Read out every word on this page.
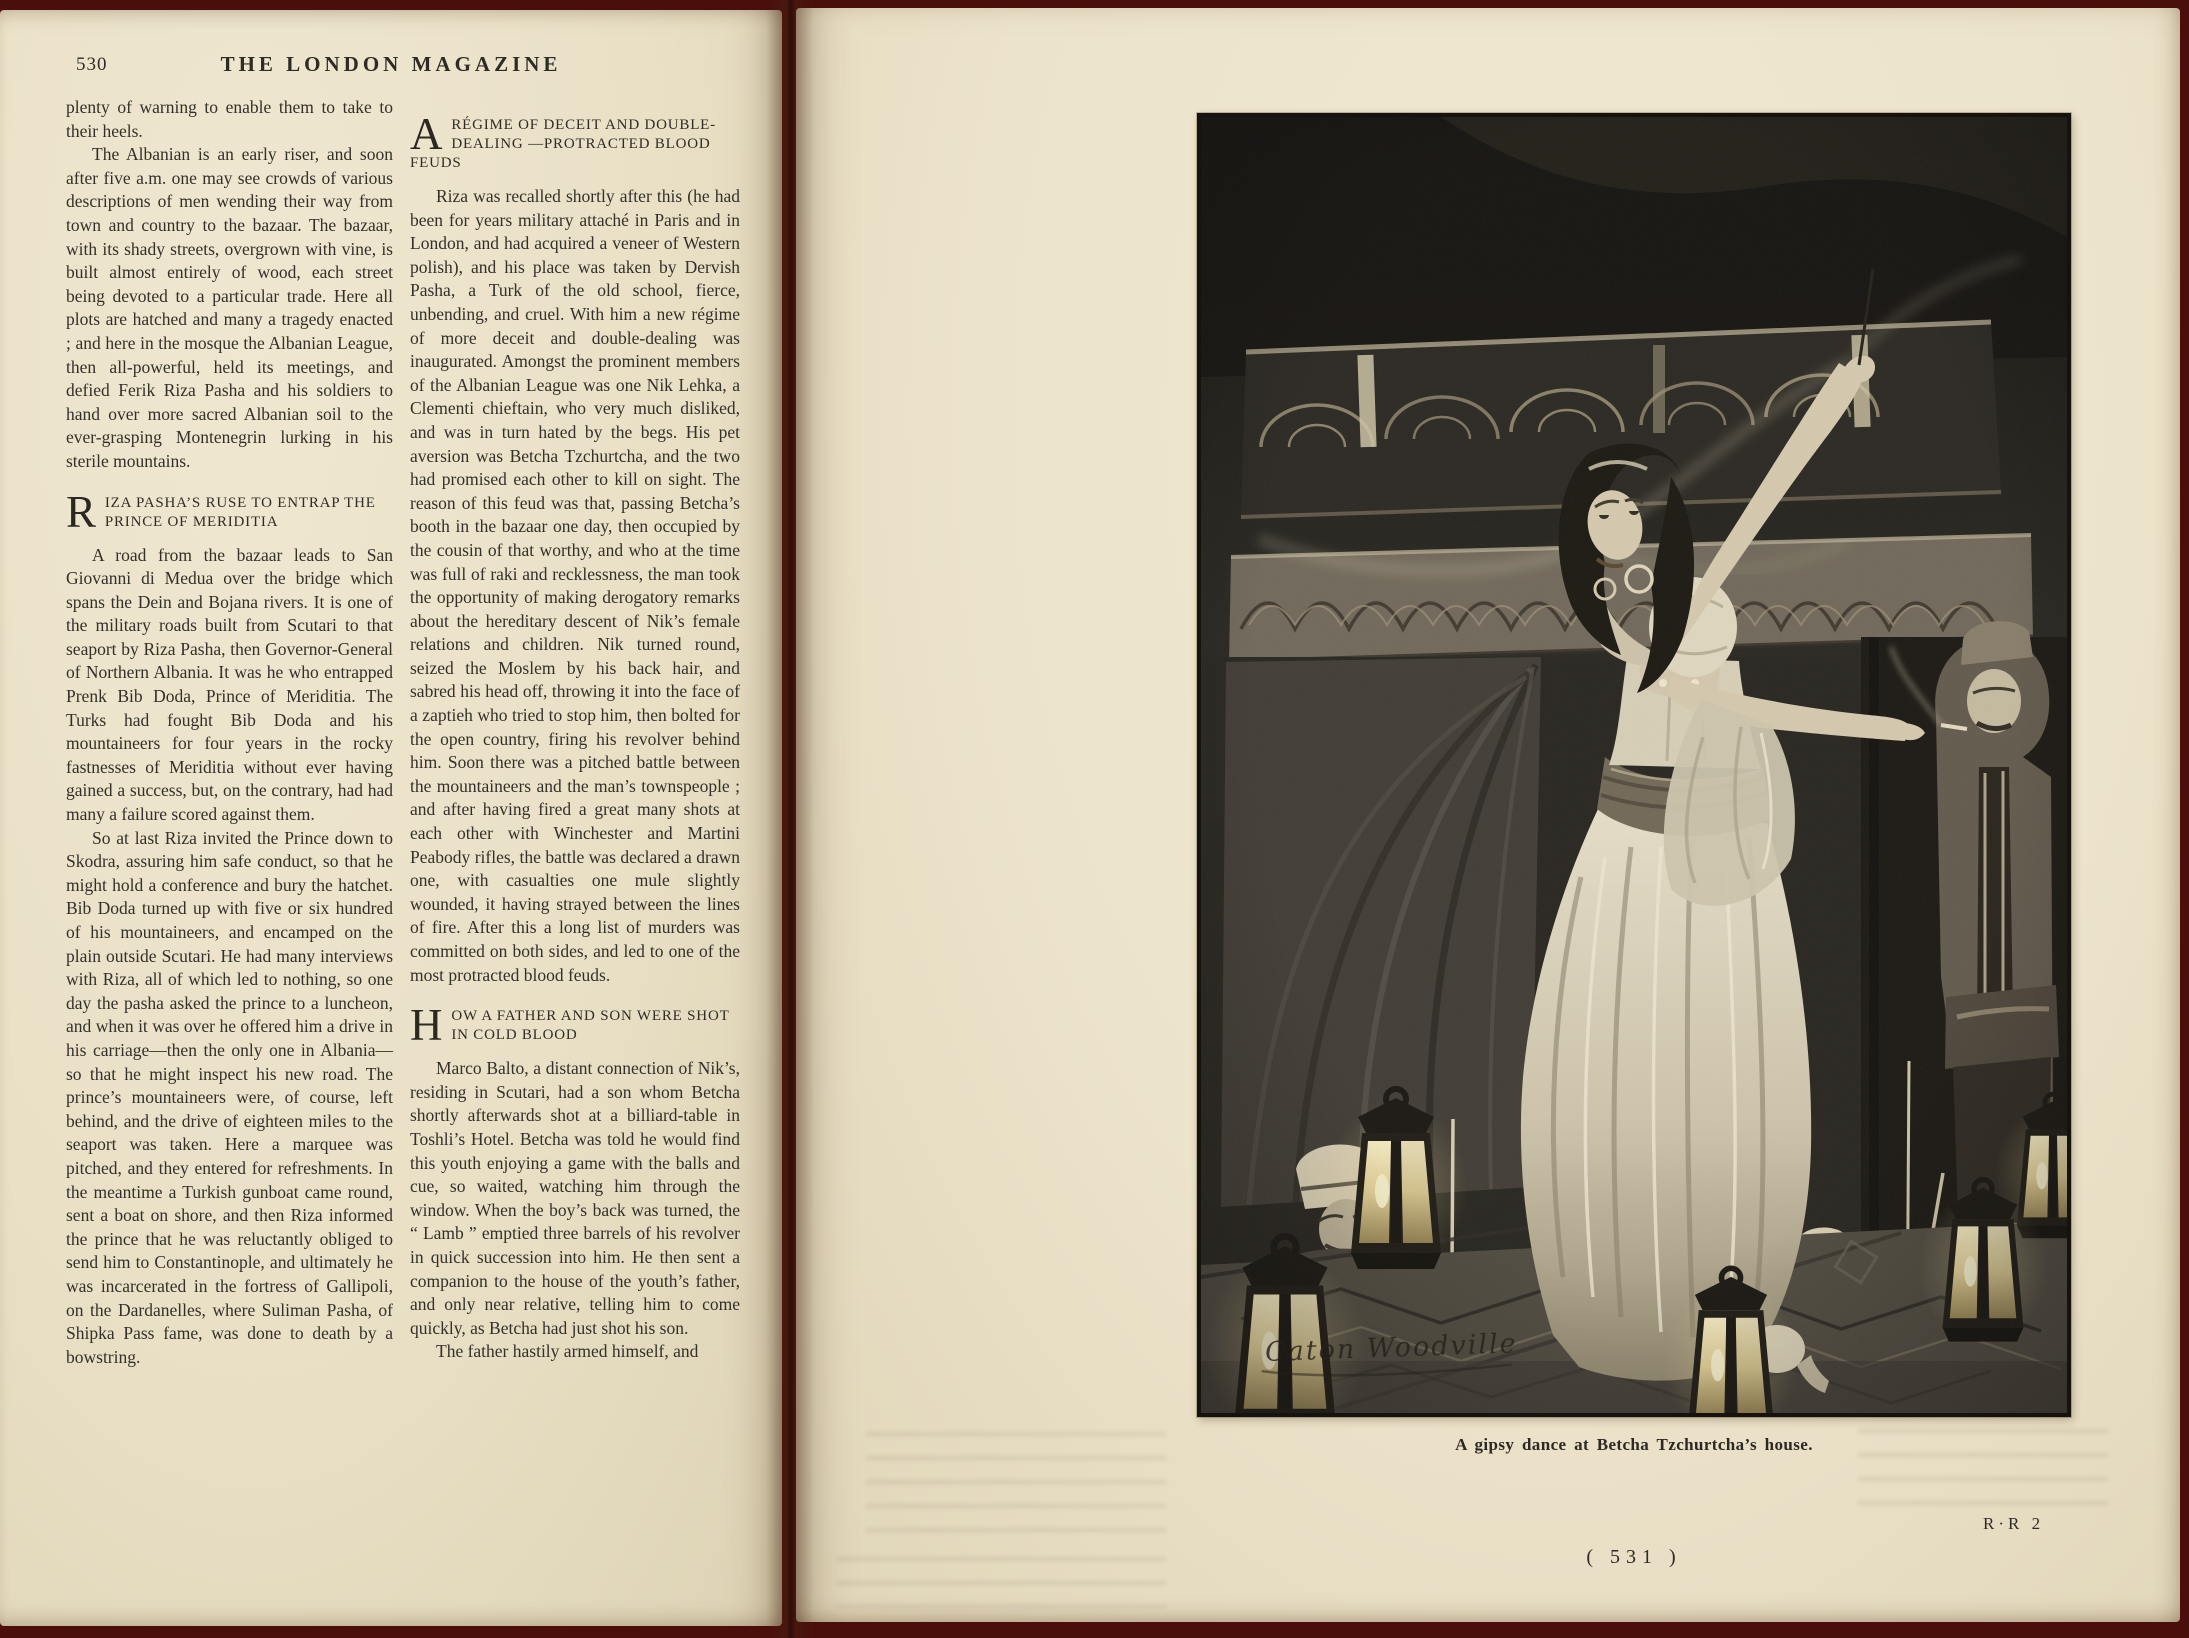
530	THE LONDON MAGAZINE

plenty of warning to enable them to take to their heels.

The Albanian is an early riser, and soon after five a.m. one may see crowds of various descriptions of men wending their way from town and country to the bazaar. The bazaar, with its shady streets, overgrown with vine, is built almost entirely of wood, each street being devoted to a particular trade. Here all plots are hatched and many a tragedy enacted ; and here in the mosque the Albanian League, then all-powerful, held its meetings, and defied Ferik Riza Pasha and his soldiers to hand over more sacred Albanian soil to the ever-grasping Montenegrin lurking in his sterile mountains.

RIZA PASHA’S RUSE TO ENTRAP THE PRINCE OF MERIDITIA

A road from the bazaar leads to San Giovanni di Medua over the bridge which spans the Dein and Bojana rivers. It is one of the military roads built from Scutari to that seaport by Riza Pasha, then Governor-General of Northern Albania. It was he who entrapped Prenk Bib Doda, Prince of Meriditia. The Turks had fought Bib Doda and his mountaineers for four years in the rocky fastnesses of Meriditia without ever having gained a success, but, on the contrary, had had many a failure scored against them.

So at last Riza invited the Prince down to Skodra, assuring him safe conduct, so that he might hold a conference and bury the hatchet. Bib Doda turned up with five or six hundred of his mountaineers, and encamped on the plain outside Scutari. He had many interviews with Riza, all of which led to nothing, so one day the pasha asked the prince to a luncheon, and when it was over he offered him a drive in his carriage—then the only one in Albania—so that he might inspect his new road. The prince’s mountaineers were, of course, left behind, and the drive of eighteen miles to the seaport was taken. Here a marquee was pitched, and they entered for refreshments. In the meantime a Turkish gunboat came round, sent a boat on shore, and then Riza informed the prince that he was reluctantly obliged to send him to Constantinople, and ultimately he was incarcerated in the fortress of Gallipoli, on the Dardanelles, where Suliman Pasha, of Shipka Pass fame, was done to death by a bowstring.

ARÉGIME OF DECEIT AND DOUBLE-DEALING —PROTRACTED BLOOD FEUDS

Riza was recalled shortly after this (he had been for years military attaché in Paris and in London, and had acquired a veneer of Western polish), and his place was taken by Dervish Pasha, a Turk of the old school, fierce, unbending, and cruel. With him a new régime of more deceit and double-dealing was inaugurated. Amongst the prominent members of the Albanian League was one Nik Lehka, a Clementi chieftain, who very much disliked, and was in turn hated by the begs. His pet aversion was Betcha Tzchurtcha, and the two had promised each other to kill on sight. The reason of this feud was that, passing Betcha’s booth in the bazaar one day, then occupied by the cousin of that worthy, and who at the time was full of raki and recklessness, the man took the opportunity of making derogatory remarks about the hereditary descent of Nik’s female relations and children. Nik turned round, seized the Moslem by his back hair, and sabred his head off, throwing it into the face of a zaptieh who tried to stop him, then bolted for the open country, firing his revolver behind him. Soon there was a pitched battle between the mountaineers and the man’s townspeople ; and after having fired a great many shots at each other with Winchester and Martini Peabody rifles, the battle was declared a drawn one, with casualties one mule slightly wounded, it having strayed between the lines of fire. After this a long list of murders was committed on both sides, and led to one of the most protracted blood feuds.

HOW A FATHER AND SON WERE SHOT IN COLD BLOOD

Marco Balto, a distant connection of Nik’s, residing in Scutari, had a son whom Betcha shortly afterwards shot at a billiard-table in Toshli’s Hotel. Betcha was told he would find this youth enjoying a game with the balls and cue, so waited, watching him through the window. When the boy’s back was turned, the “ Lamb ” emptied three barrels of his revolver in quick succession into him. He then sent a companion to the house of the youth’s father, and only near relative, telling him to come quickly, as Betcha had just shot his son.

The father hastily armed himself, and

A gipsy dance at Betcha Tzchurtcha’s house.
( 531 )
R·R 2
